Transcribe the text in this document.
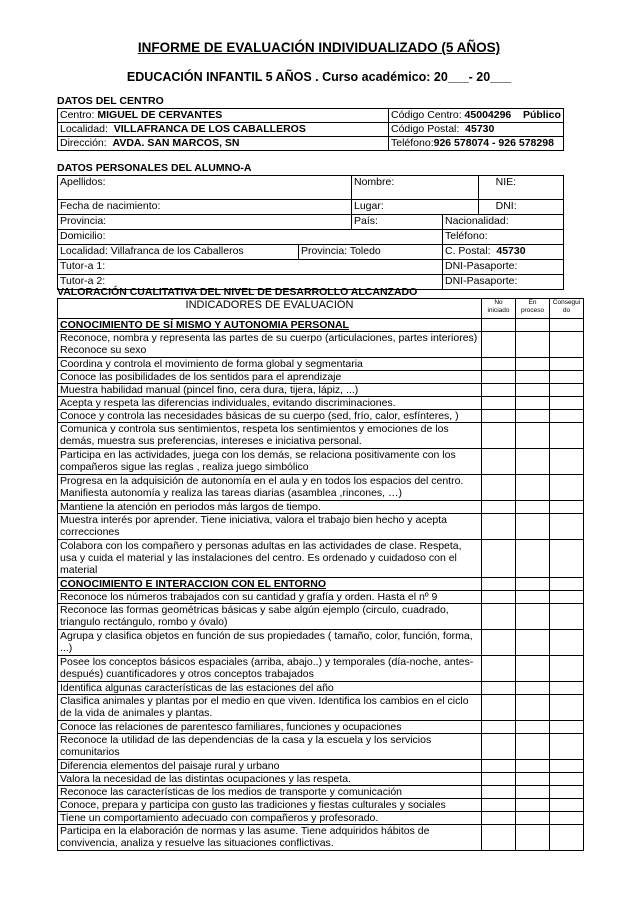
INFORME DE EVALUACIÓN INDIVIDUALIZADO (5 AÑOS)
EDUCACIÓN INFANTIL 5 AÑOS . Curso académico: 20___- 20___
DATOS DEL CENTRO
Centro: MIGUEL DE CERVANTES	Código Centro: 45004296 Público
Localidad: VILLAFRANCA DE LOS CABALLEROS	Código Postal: 45730
Dirección: AVDA. SAN MARCOS, SN	Teléfono:926 578074 - 926 578298
DATOS PERSONALES DEL ALUMNO-A
Apellidos:		Nombre:		NIE:
Fecha de nacimiento:		Lugar:		DNI:
Provincia:		País:	Nacionalidad:	
Domicilio:			Teléfono:	
Localidad: Villafranca de los Caballeros	Provincia: Toledo		C. Postal: 45730	
Tutor-a 1:			DNI-Pasaporte:	
Tutor-a 2:			DNI-Pasaporte:	
VALORACIÓN CUALITATIVA DEL NIVEL DE DESARROLLO ALCANZADO
INDICADORES DE EVALUACIÓN	No iniciado	En proceso	Consegui do
CONOCIMIENTO DE SÍ MISMO Y AUTONOMIA PERSONAL			
Reconoce, nombra y representa las partes de su cuerpo (articulaciones, partes interiores) Reconoce su sexo			
Coordina y controla el movimiento de forma global y segmentaria			
Conoce las posibilidades de los sentidos para el aprendizaje			
Muestra habilidad manual (pincel fino, cera dura, tijera, lápiz, ...)			
Acepta y respeta las diferencias individuales, evitando discriminaciones.			
Conoce y controla las necesidades básicas de su cuerpo (sed, frío, calor, esfínteres, )			
Comunica y controla sus sentimientos, respeta los sentimientos y emociones de los demás, muestra sus preferencias, intereses e iniciativa personal.			
Participa en las actividades, juega con los demás, se relaciona positivamente con los compañeros sigue las reglas , realiza juego simbólico			
Progresa en la adquisición de autonomía en el aula y en todos los espacios del centro. Manifiesta autonomía y realiza las tareas diarias (asamblea ,rincones, …)			
Mantiene la atención en periodos más largos de tiempo.			
Muestra interés por aprender. Tiene iniciativa, valora el trabajo bien hecho y acepta correcciones			
Colabora con los compañero y personas adultas en las actividades de clase. Respeta, usa y cuida el material y las instalaciones del centro. Es ordenado y cuidadoso con el material			
CONOCIMIENTO E INTERACCION CON EL ENTORNO			
Reconoce los números trabajados con su cantidad y grafía y orden. Hasta el nº 9			
Reconoce las formas geométricas básicas y sabe algún ejemplo (circulo, cuadrado, triangulo rectángulo, rombo y óvalo)			
Agrupa y clasifica objetos en función de sus propiedades ( tamaño, color, función, forma, ...)			
Posee los conceptos básicos espaciales (arriba, abajo..) y temporales (día-noche, antes-después) cuantificadores y otros conceptos trabajados			
Identifica algunas características de las estaciones del año			
Clasifica animales y plantas por el medio en que viven. Identifica los cambios en el ciclo de la vida de animales y plantas.			
Conoce las relaciones de parentesco familiares, funciones y ocupaciones			
Reconoce la utilidad de las dependencias de la casa y la escuela y los servicios comunitarios			
Diferencia elementos del paisaje rural y urbano			
Valora la necesidad de las distintas ocupaciones y las respeta.			
Reconoce las características de los medios de transporte y comunicación			
Conoce, prepara y participa con gusto las tradiciones y fiestas culturales y sociales			
Tiene un comportamiento adecuado con compañeros y profesorado.			
Participa en la elaboración de normas y las asume. Tiene adquiridos hábitos de convivencia, analiza y resuelve las situaciones conflictivas.			
